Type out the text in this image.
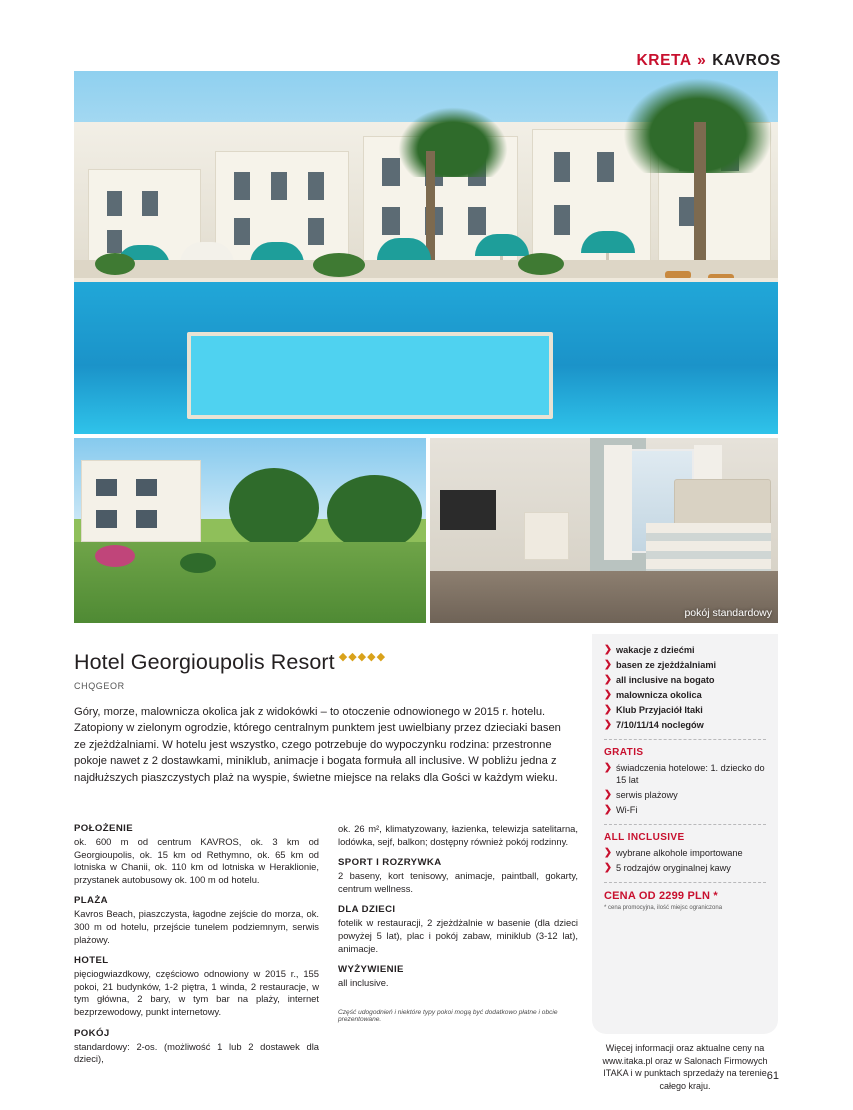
KRETA » KAVROS
pokój standardowy
Hotel Georgioupolis Resort ◆◆◆◆◆
CHQGEOR
Góry, morze, malownicza okolica jak z widokówki – to otoczenie odnowionego w 2015 r. hotelu. Zatopiony w zielonym ogrodzie, którego centralnym punktem jest uwielbiany przez dzieciaki basen ze zjeżdżalniami. W hotelu jest wszystko, czego potrzebuje do wypoczynku rodzina: przestronne pokoje nawet z 2 dostawkami, miniklub, animacje i bogata formuła all inclusive. W pobliżu jedna z najdłuższych piaszczystych plaż na wyspie, świetne miejsce na relaks dla Gości w każdym wieku.
POŁOŻENIE
ok. 600 m od centrum KAVROS, ok. 3 km od Georgioupolis, ok. 15 km od Rethymno, ok. 65 km od lotniska w Chanii, ok. 110 km od lotniska w Heraklionie, przystanek autobusowy ok. 100 m od hotelu.
PLAŻA
Kavros Beach, piaszczysta, łagodne zejście do morza, ok. 300 m od hotelu, przejście tunelem podziemnym, serwis plażowy.
HOTEL
pięciogwiazdkowy, częściowo odnowiony w 2015 r., 155 pokoi, 21 budynków, 1-2 piętra, 1 winda, 2 restauracje, w tym główna, 2 bary, w tym bar na plaży, internet bezprzewodowy, punkt internetowy.
POKÓJ
standardowy: 2-os. (możliwość 1 lub 2 dostawek dla dzieci),
ok. 26 m², klimatyzowany, łazienka, telewizja satelitarna, lodówka, sejf, balkon; dostępny również pokój rodzinny.
SPORT I ROZRYWKA
2 baseny, kort tenisowy, animacje, paintball, gokarty, centrum wellness.
DLA DZIECI
fotelik w restauracji, 2 zjeżdżalnie w basenie (dla dzieci powyżej 5 lat), plac i pokój zabaw, miniklub (3-12 lat), animacje.
WYŻYWIENIE
all inclusive.
Część udogodnień i niektóre typy pokoi mogą być dodatkowo płatne i obcie prezentowane.
❯ wakacje z dziećmi
❯ basen ze zjeżdżalniami
❯ all inclusive na bogato
❯ malownicza okolica
❯ Klub Przyjaciół Itaki
❯ 7/10/11/14 noclegów
GRATIS
❯ świadczenia hotelowe: 1. dziecko do 15 lat
❯ serwis plażowy
❯ Wi-Fi
ALL INCLUSIVE
❯ wybrane alkohole importowane
❯ 5 rodzajów oryginalnej kawy
CENA OD 2299 PLN *
* cena promocyjna, ilość miejsc ograniczona
Więcej informacji oraz aktualne ceny na www.itaka.pl oraz w Salonach Firmowych ITAKA i w punktach sprzedaży na terenie całego kraju.
61
